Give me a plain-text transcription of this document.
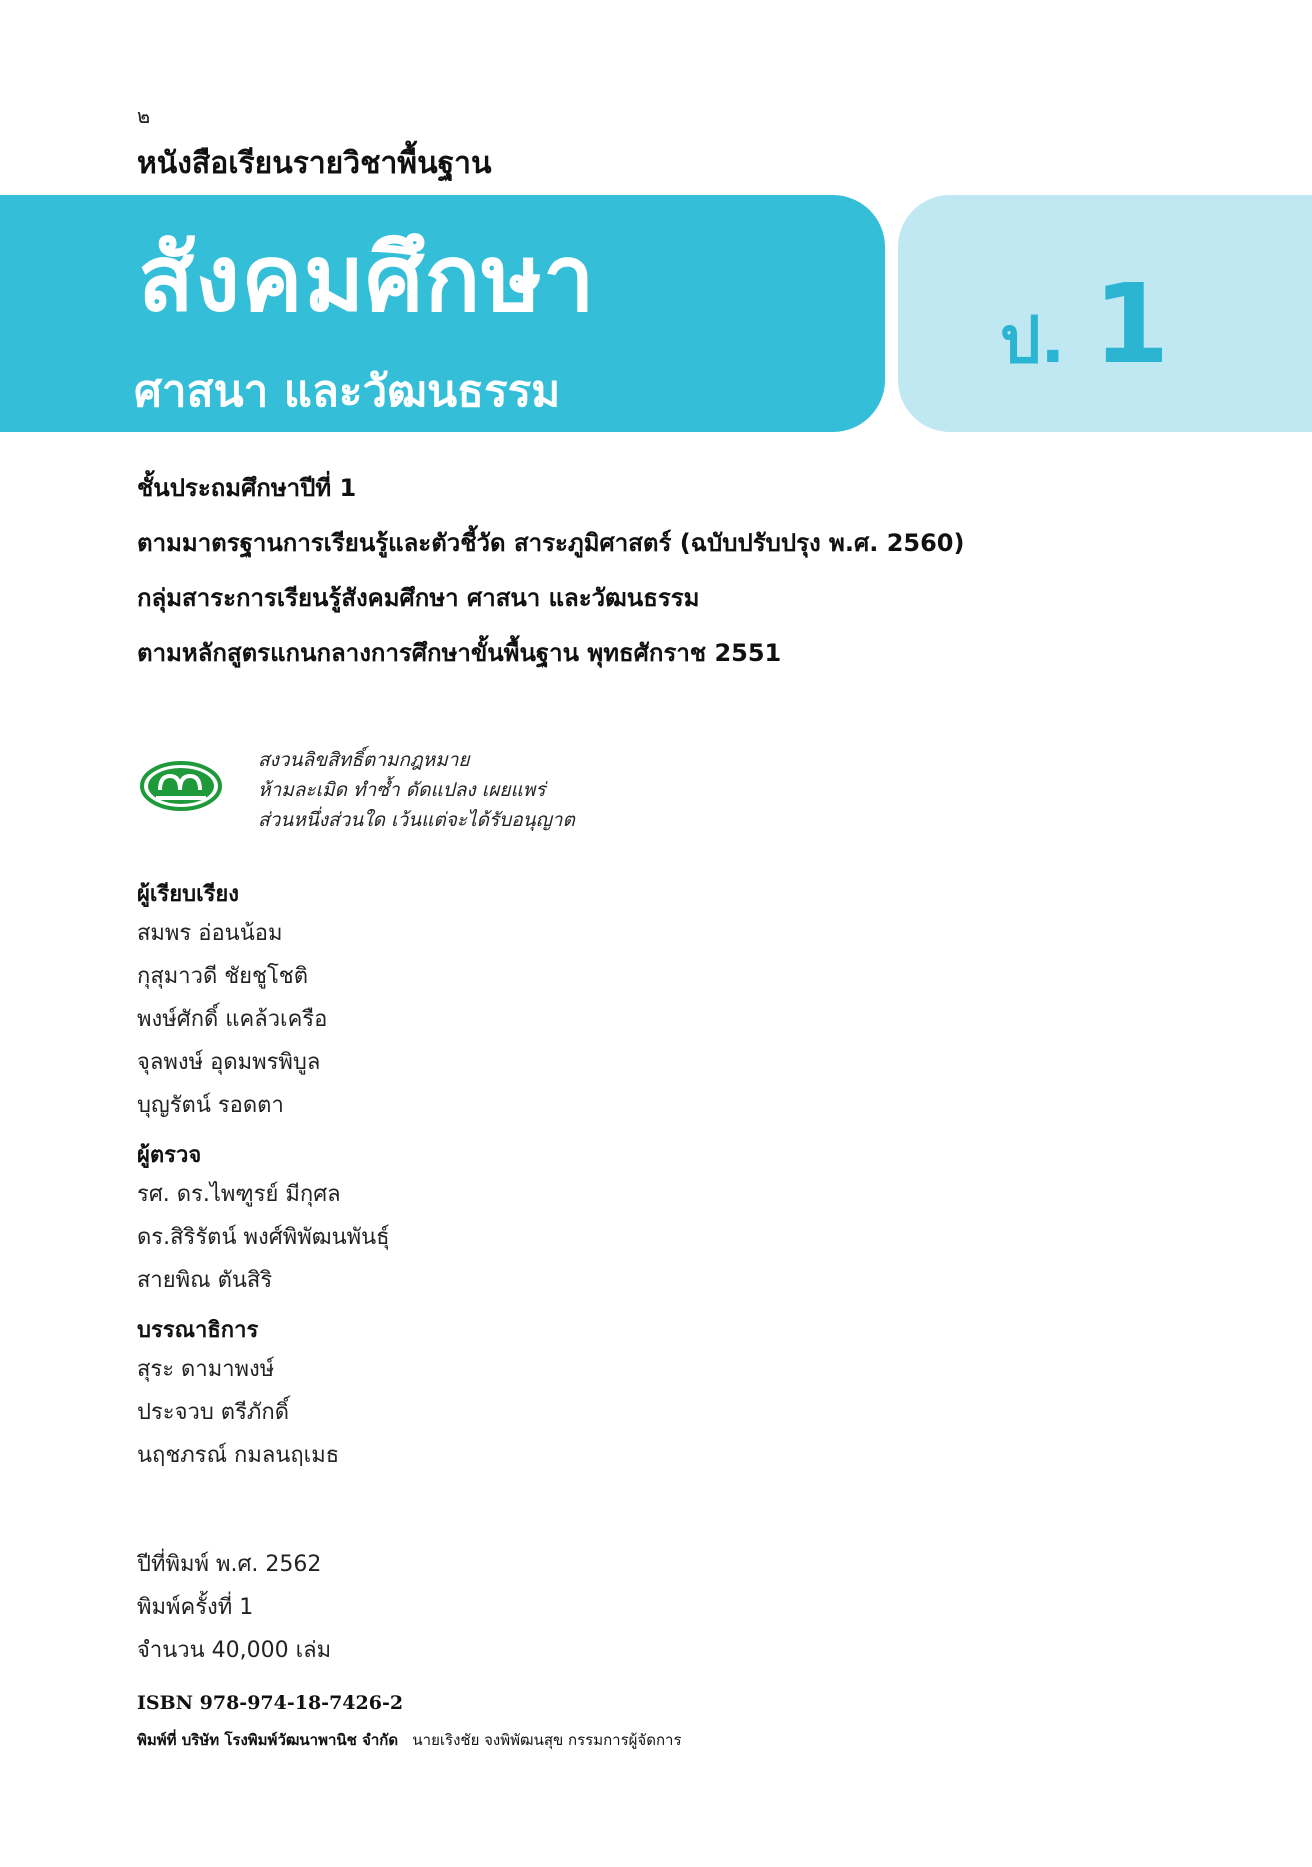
๒
หนังสือเรียนรายวิชาพื้นฐาน
สังคมศึกษา
ศาสนา และวัฒนธรรม
ป. 1
ชั้นประถมศึกษาปีที่ 1
ตามมาตรฐานการเรียนรู้และตัวชี้วัด สาระภูมิศาสตร์ (ฉบับปรับปรุง พ.ศ. 2560)
กลุ่มสาระการเรียนรู้สังคมศึกษา ศาสนา และวัฒนธรรม
ตามหลักสูตรแกนกลางการศึกษาขั้นพื้นฐาน พุทธศักราช 2551
สงวนลิขสิทธิ์ตามกฎหมาย
ห้ามละเมิด ทำซ้ำ ดัดแปลง เผยแพร่
ส่วนหนึ่งส่วนใด เว้นแต่จะได้รับอนุญาต
ผู้เรียบเรียง
สมพร อ่อนน้อม
กุสุมาวดี ชัยชูโชติ
พงษ์ศักดิ์ แคล้วเครือ
จุลพงษ์ อุดมพรพิบูล
บุญรัตน์ รอดตา
ผู้ตรวจ
รศ. ดร.ไพฑูรย์ มีกุศล
ดร.สิริรัตน์ พงศ์พิพัฒนพันธุ์
สายพิณ ตันสิริ
บรรณาธิการ
สุระ ดามาพงษ์
ประจวบ ตรีภักดิ์
นฤชภรณ์ กมลนฤเมธ
ปีที่พิมพ์ พ.ศ. 2562
พิมพ์ครั้งที่ 1
จำนวน 40,000 เล่ม
ISBN 978-974-18-7426-2
พิมพ์ที่ บริษัท โรงพิมพ์วัฒนาพานิช จำกัด นายเริงชัย จงพิพัฒนสุข กรรมการผู้จัดการ
